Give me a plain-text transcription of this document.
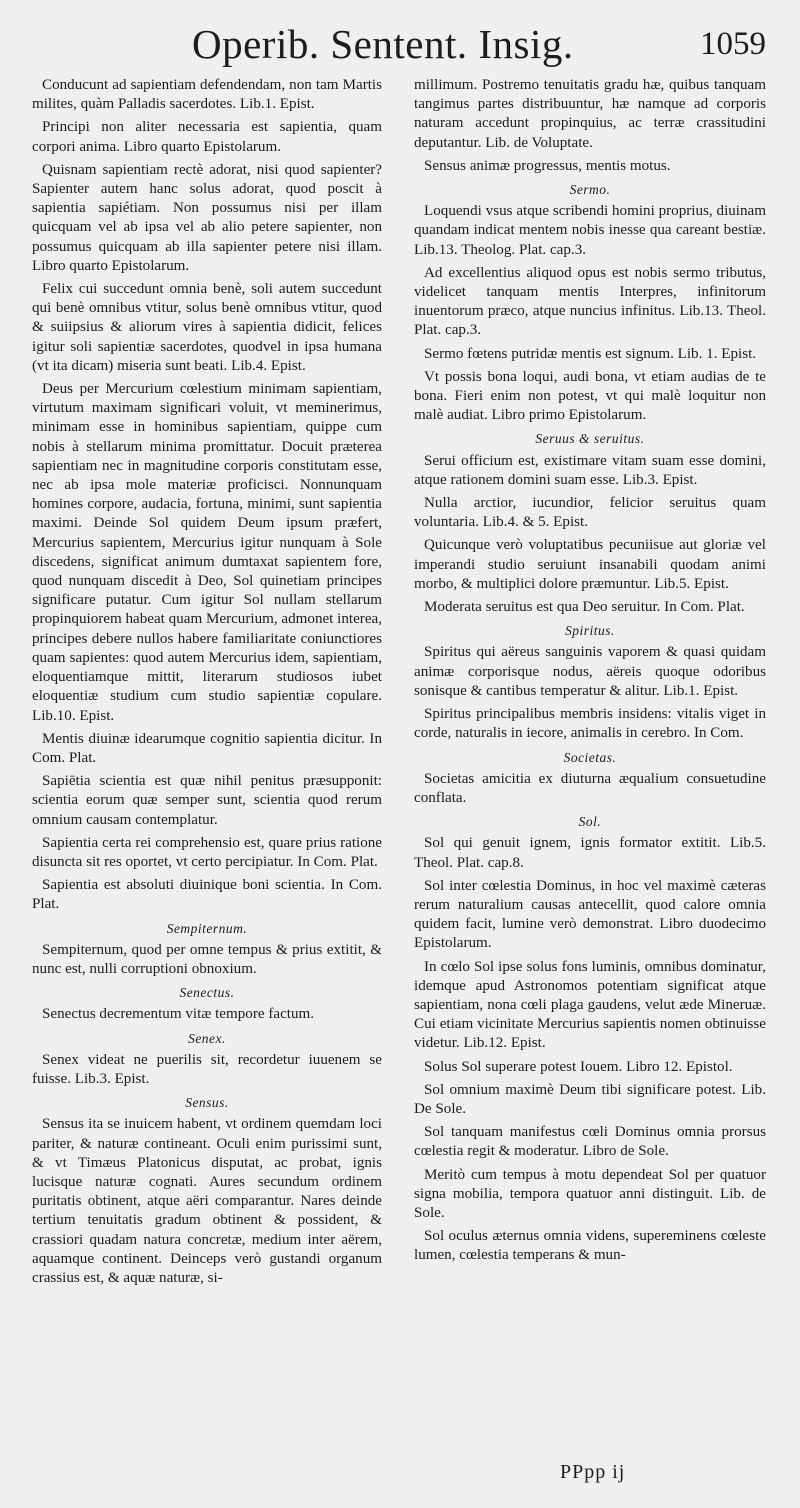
Operib. Sentent. Insig.	1059

Conducunt ad sapientiam defendendam, non tam Martis milites, quàm Palladis sacerdotes. Lib.1. Epist.

Principi non aliter necessaria est sapientia, quam corpori anima. Libro quarto Epistolarum.

Quisnam sapientiam rectè adorat, nisi quod sapienter? Sapienter autem hanc solus adorat, quod poscit à sapientia sapiétiam. Non possumus nisi per illam quicquam vel ab ipsa vel ab alio petere sapienter, non possumus quicquam ab illa sapienter petere nisi illam. Libro quarto Epistolarum.

Felix cui succedunt omnia benè, soli autem succedunt qui benè omnibus vtitur, solus benè omnibus vtitur, quod & suiipsius & aliorum vires à sapientia didicit, felices igitur soli sapientiæ sacerdotes, quodvel in ipsa humana (vt ita dicam) miseria sunt beati. Lib.4. Epist.

Deus per Mercurium cœlestium minimam sapientiam, virtutum maximam significari voluit, vt meminerimus, minimam esse in hominibus sapientiam, quippe cum nobis à stellarum minima promittatur. Docuit præterea sapientiam nec in magnitudine corporis constitutam esse, nec ab ipsa mole materiæ proficisci. Nonnunquam homines corpore, audacia, fortuna, minimi, sunt sapientia maximi. Deinde Sol quidem Deum ipsum præfert, Mercurius sapientem, Mercurius igitur nunquam à Sole discedens, significat animum dumtaxat sapientem fore, quod nunquam discedit à Deo, Sol quinetiam principes significare putatur. Cum igitur Sol nullam stellarum propinquiorem habeat quam Mercurium, admonet interea, principes debere nullos habere familiaritate coniunctiores quam sapientes: quod autem Mercurius idem, sapientiam, eloquentiamque mittit, literarum studiosos iubet eloquentiæ studium cum studio sapientiæ copulare. Lib.10. Epist.

Mentis diuinæ idearumque cognitio sapientia dicitur. In Com. Plat.

Sapiētia scientia est quæ nihil penitus præsupponit: scientia eorum quæ semper sunt, scientia quod rerum omnium causam contemplatur.

Sapientia certa rei comprehensio est, quare prius ratione disuncta sit res oportet, vt certo percipiatur. In Com. Plat.

Sapientia est absoluti diuinique boni scientia. In Com. Plat.

Sempiternum.

Sempiternum, quod per omne tempus & prius extitit, & nunc est, nulli corruptioni obnoxium.

Senectus.

Senectus decrementum vitæ tempore factum.

Senex.

Senex videat ne puerilis sit, recordetur iuuenem se fuisse. Lib.3. Epist.

Sensus.

Sensus ita se inuicem habent, vt ordinem quemdam loci pariter, & naturæ contineant. Oculi enim purissimi sunt, & vt Timæus Platonicus disputat, ac probat, ignis lucisque naturæ cognati. Aures secundum ordinem puritatis obtinent, atque aëri comparantur. Nares deinde tertium tenuitatis gradum obtinent & possident, & crassiori quadam natura concretæ, medium inter aërem, aquamque continent. Deinceps verò gustandi organum crassius est, & aquæ naturæ, si-

millimum. Postremo tenuitatis gradu hæ, quibus tanquam tangimus partes distribuuntur, hæ namque ad corporis naturam accedunt propinquius, ac terræ crassitudini deputantur. Lib. de Voluptate.

Sensus animæ progressus, mentis motus.

Sermo.

Loquendi vsus atque scribendi homini proprius, diuinam quandam indicat mentem nobis inesse qua careant bestiæ. Lib.13. Theolog. Plat. cap.3.

Ad excellentius aliquod opus est nobis sermo tributus, videlicet tanquam mentis Interpres, infinitorum inuentorum præco, atque nuncius infinitus. Lib.13. Theol. Plat. cap.3.

Sermo fœtens putridæ mentis est signum. Lib. 1. Epist.

Vt possis bona loqui, audi bona, vt etiam audias de te bona. Fieri enim non potest, vt qui malè loquitur non malè audiat. Libro primo Epistolarum.

Seruus & seruitus.

Serui officium est, existimare vitam suam esse domini, atque rationem domini suam esse. Lib.3. Epist.

Nulla arctior, iucundior, felicior seruitus quam voluntaria. Lib.4. & 5. Epist.

Quicunque verò voluptatibus pecuniisue aut gloriæ vel imperandi studio seruiunt insanabili quodam animi morbo, & multiplici dolore præmuntur. Lib.5. Epist.

Moderata seruitus est qua Deo seruitur. In Com. Plat.

Spiritus.

Spiritus qui aëreus sanguinis vaporem & quasi quidam animæ corporisque nodus, aëreis quoque odoribus sonisque & cantibus temperatur & alitur. Lib.1. Epist.

Spiritus principalibus membris insidens: vitalis viget in corde, naturalis in iecore, animalis in cerebro. In Com.

Societas.

Societas amicitia ex diuturna æqualium consuetudine conflata.

Sol.

Sol qui genuit ignem, ignis formator extitit. Lib.5. Theol. Plat. cap.8.

Sol inter cœlestia Dominus, in hoc vel maximè cæteras rerum naturalium causas antecellit, quod calore omnia quidem facit, lumine verò demonstrat. Libro duodecimo Epistolarum.

In cœlo Sol ipse solus fons luminis, omnibus dominatur, idemque apud Astronomos potentiam significat atque sapientiam, nona cœli plaga gaudens, velut æde Mineruæ. Cui etiam vicinitate Mercurius sapientis nomen obtinuisse videtur. Lib.12. Epist.

Solus Sol superare potest Iouem. Libro 12. Epistol.

Sol omnium maximè Deum tibi significare potest. Lib. De Sole.

Sol tanquam manifestus cœli Dominus omnia prorsus cœlestia regit & moderatur. Libro de Sole.

Meritò cum tempus à motu dependeat Sol per quatuor signa mobilia, tempora quatuor anni distinguit. Lib. de Sole.

Sol oculus æternus omnia videns, supereminens cœleste lumen, cœlestia temperans & mun-

PPpp ij
